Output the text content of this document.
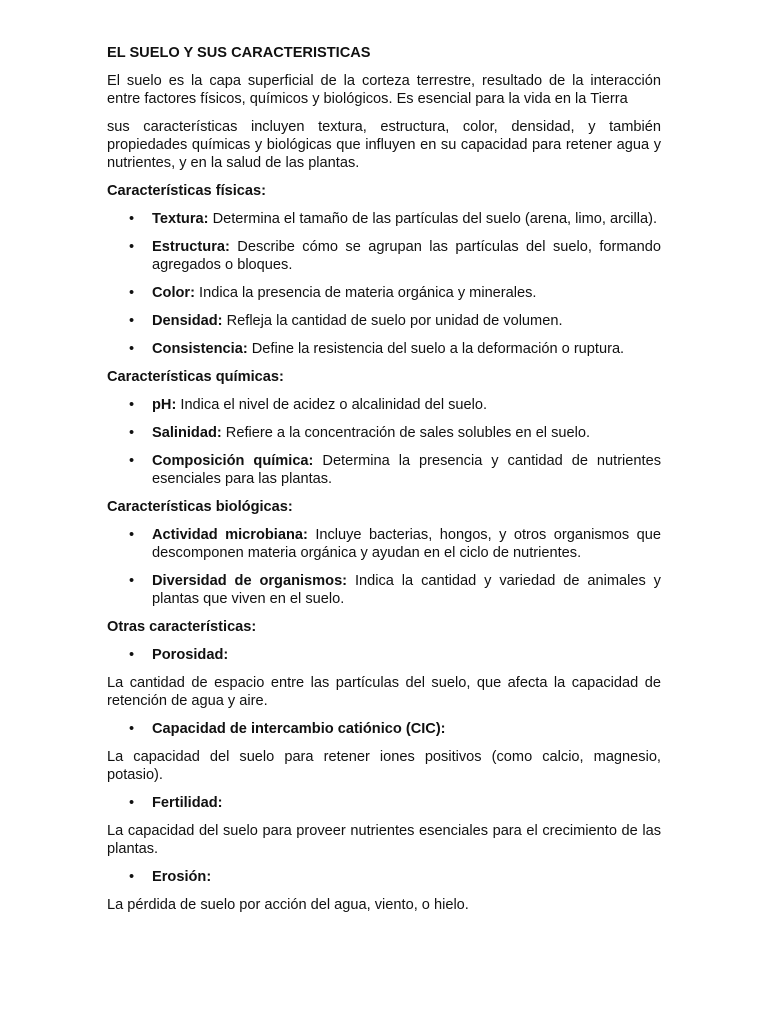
EL SUELO Y SUS CARACTERISTICAS

El suelo es la capa superficial de la corteza terrestre, resultado de la interacción entre factores físicos, químicos y biológicos. Es esencial para la vida en la Tierra

sus características incluyen textura, estructura, color, densidad, y también propiedades químicas y biológicas que influyen en su capacidad para retener agua y nutrientes, y en la salud de las plantas.

Características físicas:
• Textura: Determina el tamaño de las partículas del suelo (arena, limo, arcilla).
• Estructura: Describe cómo se agrupan las partículas del suelo, formando agregados o bloques.
• Color: Indica la presencia de materia orgánica y minerales.
• Densidad: Refleja la cantidad de suelo por unidad de volumen.
• Consistencia: Define la resistencia del suelo a la deformación o ruptura.
Características químicas:
• pH: Indica el nivel de acidez o alcalinidad del suelo.
• Salinidad: Refiere a la concentración de sales solubles en el suelo.
• Composición química: Determina la presencia y cantidad de nutrientes esenciales para las plantas.
Características biológicas:
• Actividad microbiana: Incluye bacterias, hongos, y otros organismos que descomponen materia orgánica y ayudan en el ciclo de nutrientes.
• Diversidad de organismos: Indica la cantidad y variedad de animales y plantas que viven en el suelo.
Otras características:
• Porosidad:

La cantidad de espacio entre las partículas del suelo, que afecta la capacidad de retención de agua y aire.

• Capacidad de intercambio catiónico (CIC):

La capacidad del suelo para retener iones positivos (como calcio, magnesio, potasio).

• Fertilidad:

La capacidad del suelo para proveer nutrientes esenciales para el crecimiento de las plantas.

• Erosión:

La pérdida de suelo por acción del agua, viento, o hielo.
